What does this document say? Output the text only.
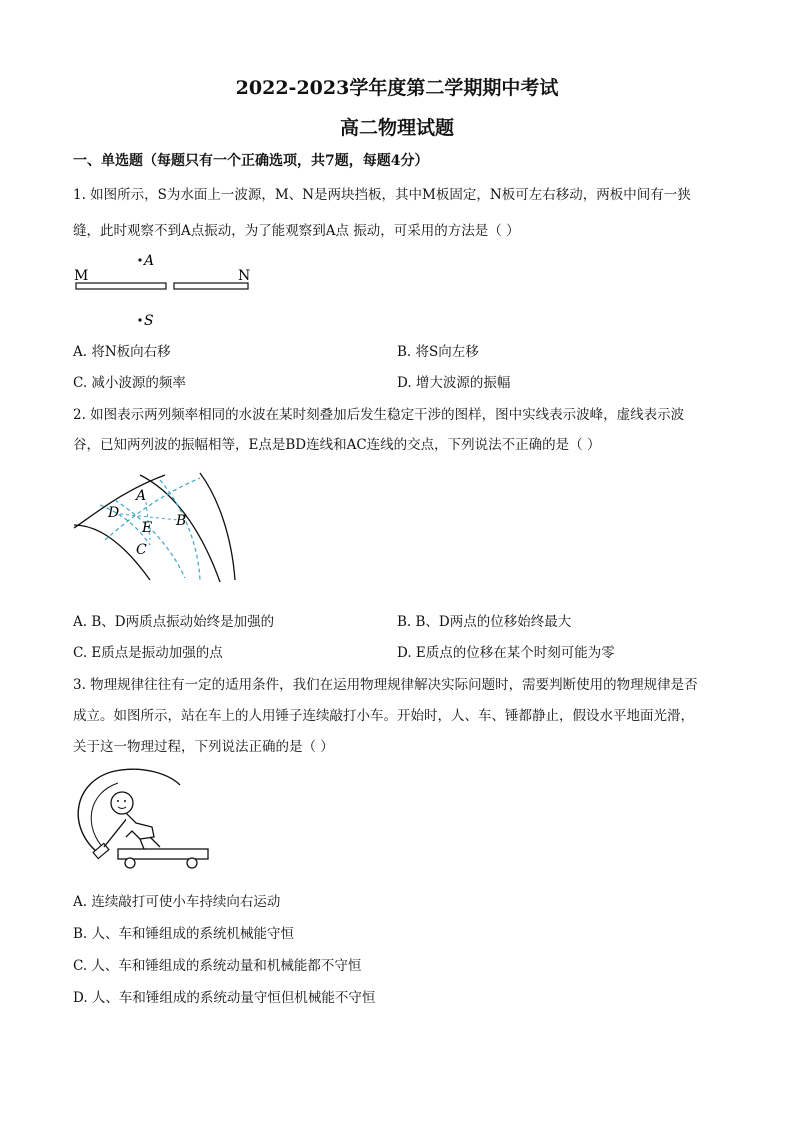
2022-2023学年度第二学期期中考试
高二物理试题
一、单选题（每题只有一个正确选项，共7题，每题4分）
1. 如图所示，S为水面上一波源，M、N是两块挡板，其中M板固定，N板可左右移动，两板中间有一狭
缝，此时观察不到A点振动，为了能观察到A点 振动，可采用的方法是（ ）
A
M	N
S
A. 将N板向右移	B. 将S向左移
C. 减小波源的频率	D. 增大波源的振幅
2. 如图表示两列频率相同的水波在某时刻叠加后发生稳定干涉的图样，图中实线表示波峰，虚线表示波
谷，已知两列波的振幅相等，E点是BD连线和AC连线的交点，下列说法不正确的是（ ）
A
B
C
D
E
A. B、D两质点振动始终是加强的	B. B、D两点的位移始终最大
C. E质点是振动加强的点	D. E质点的位移在某个时刻可能为零
3. 物理规律往往有一定的适用条件，我们在运用物理规律解决实际问题时，需要判断使用的物理规律是否
成立。如图所示，站在车上的人用锤子连续敲打小车。开始时，人、车、锤都静止，假设水平地面光滑，
关于这一物理过程，下列说法正确的是（ ）
A. 连续敲打可使小车持续向右运动
B. 人、车和锤组成的系统机械能守恒
C. 人、车和锤组成的系统动量和机械能都不守恒
D. 人、车和锤组成的系统动量守恒但机械能不守恒
